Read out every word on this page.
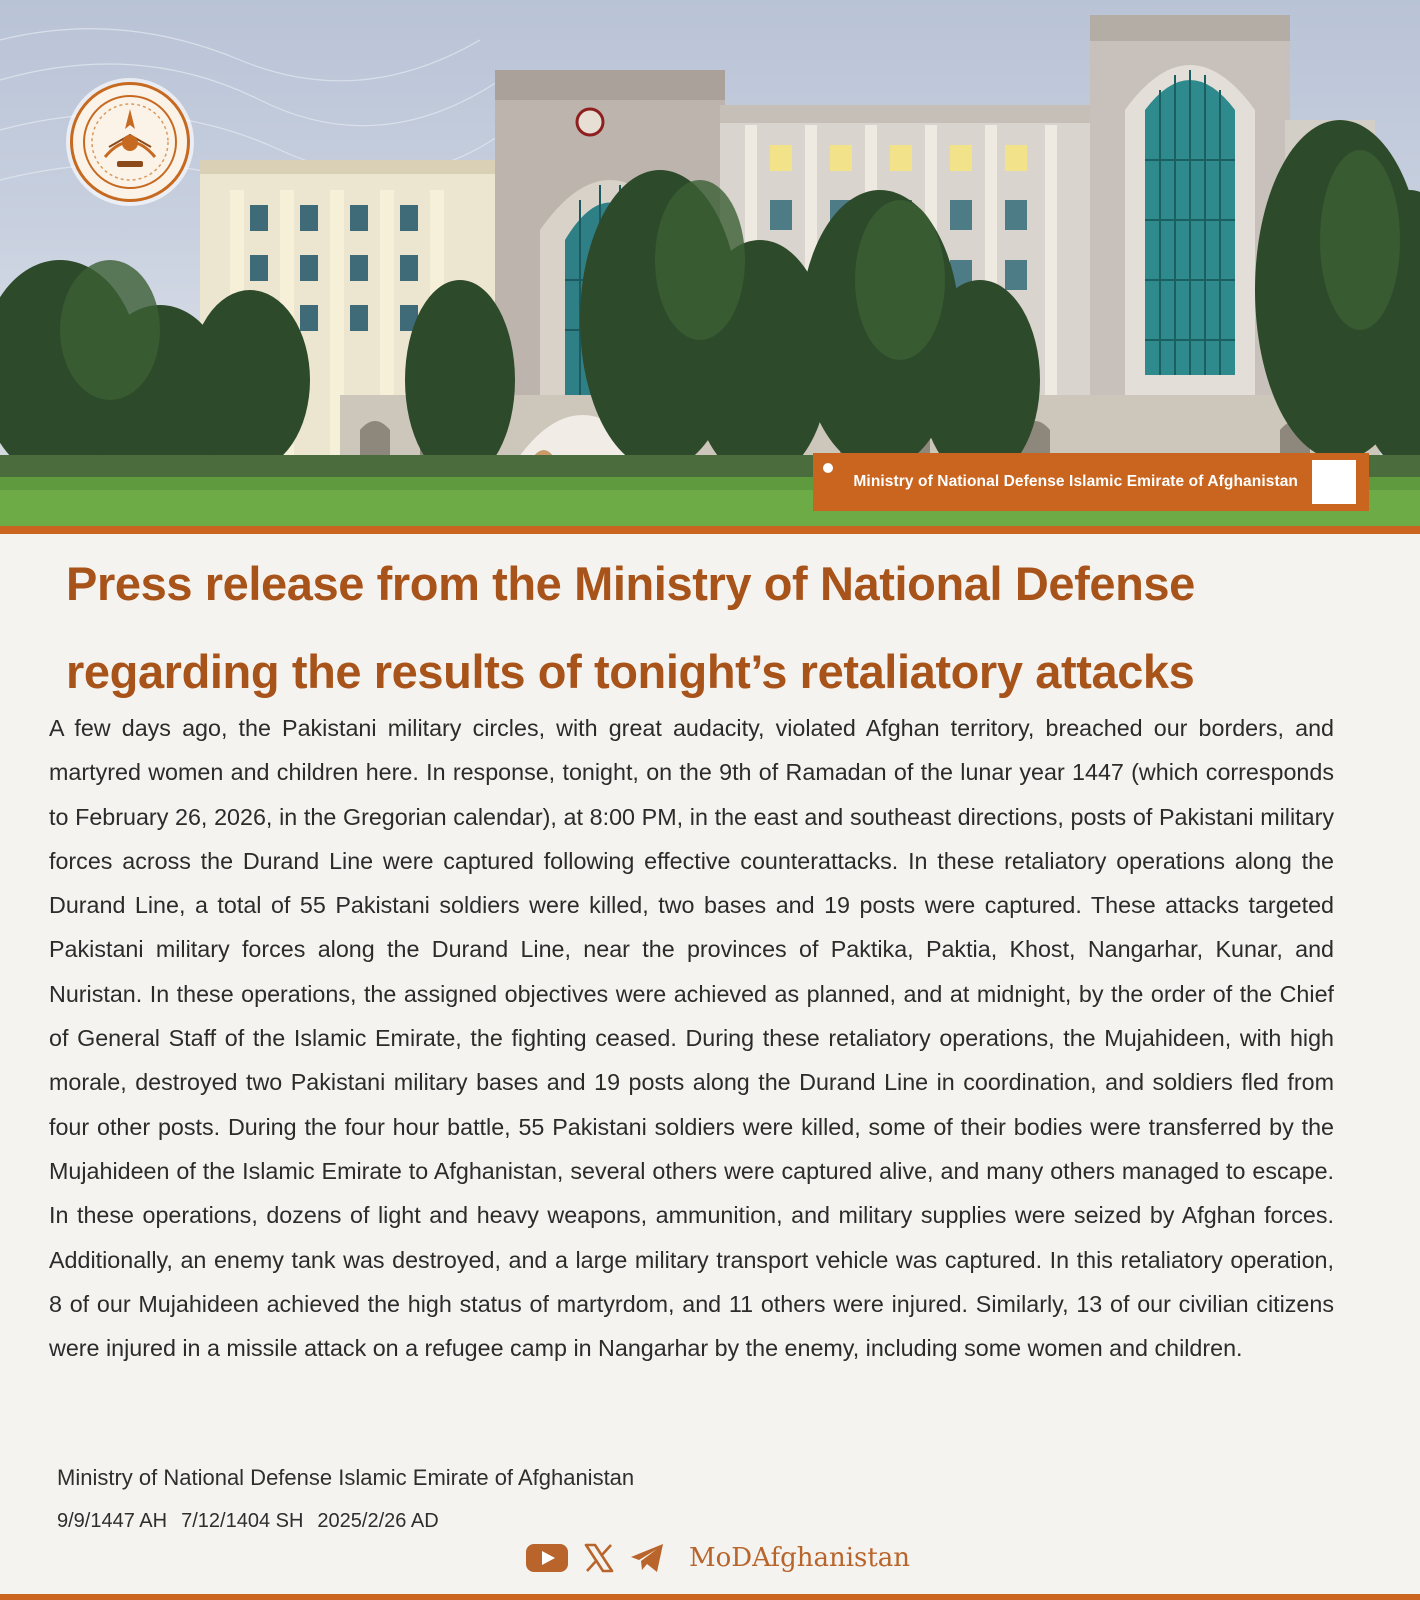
Ministry of National Defense Islamic Emirate of Afghanistan
Press release from the Ministry of National Defense
regarding the results of tonight’s retaliatory attacks

A few days ago, the Pakistani military circles, with great audacity, violated Afghan territory, breached our borders, and martyred women and children here. In response, tonight, on the 9th of Ramadan of the lunar year 1447 (which corresponds to February 26, 2026, in the Gregorian calendar), at 8:00 PM, in the east and southeast directions, posts of Pakistani military forces across the Durand Line were captured following effective counterattacks. In these retaliatory operations along the Durand Line, a total of 55 Pakistani soldiers were killed, two bases and 19 posts were captured. These attacks targeted Pakistani military forces along the Durand Line, near the provinces of Paktika, Paktia, Khost, Nangarhar, Kunar, and Nuristan. In these operations, the assigned objectives were achieved as planned, and at midnight, by the order of the Chief of General Staff of the Islamic Emirate, the fighting ceased. During these retaliatory operations, the Mujahideen, with high morale, destroyed two Pakistani military bases and 19 posts along the Durand Line in coordination, and soldiers fled from four other posts. During the four hour battle, 55 Pakistani soldiers were killed, some of their bodies were transferred by the Mujahideen of the Islamic Emirate to Afghanistan, several others were captured alive, and many others managed to escape. In these operations, dozens of light and heavy weapons, ammunition, and military supplies were seized by Afghan forces. Additionally, an enemy tank was destroyed, and a large military transport vehicle was captured. In this retaliatory operation, 8 of our Mujahideen achieved the high status of martyrdom, and 11 others were injured. Similarly, 13 of our civilian citizens were injured in a missile attack on a refugee camp in Nangarhar by the enemy, including some women and children.

Ministry of National Defense Islamic Emirate of Afghanistan

9/9/1447 AH 7/12/1404 SH 2025/2/26 AD
MoDAfghanistan
